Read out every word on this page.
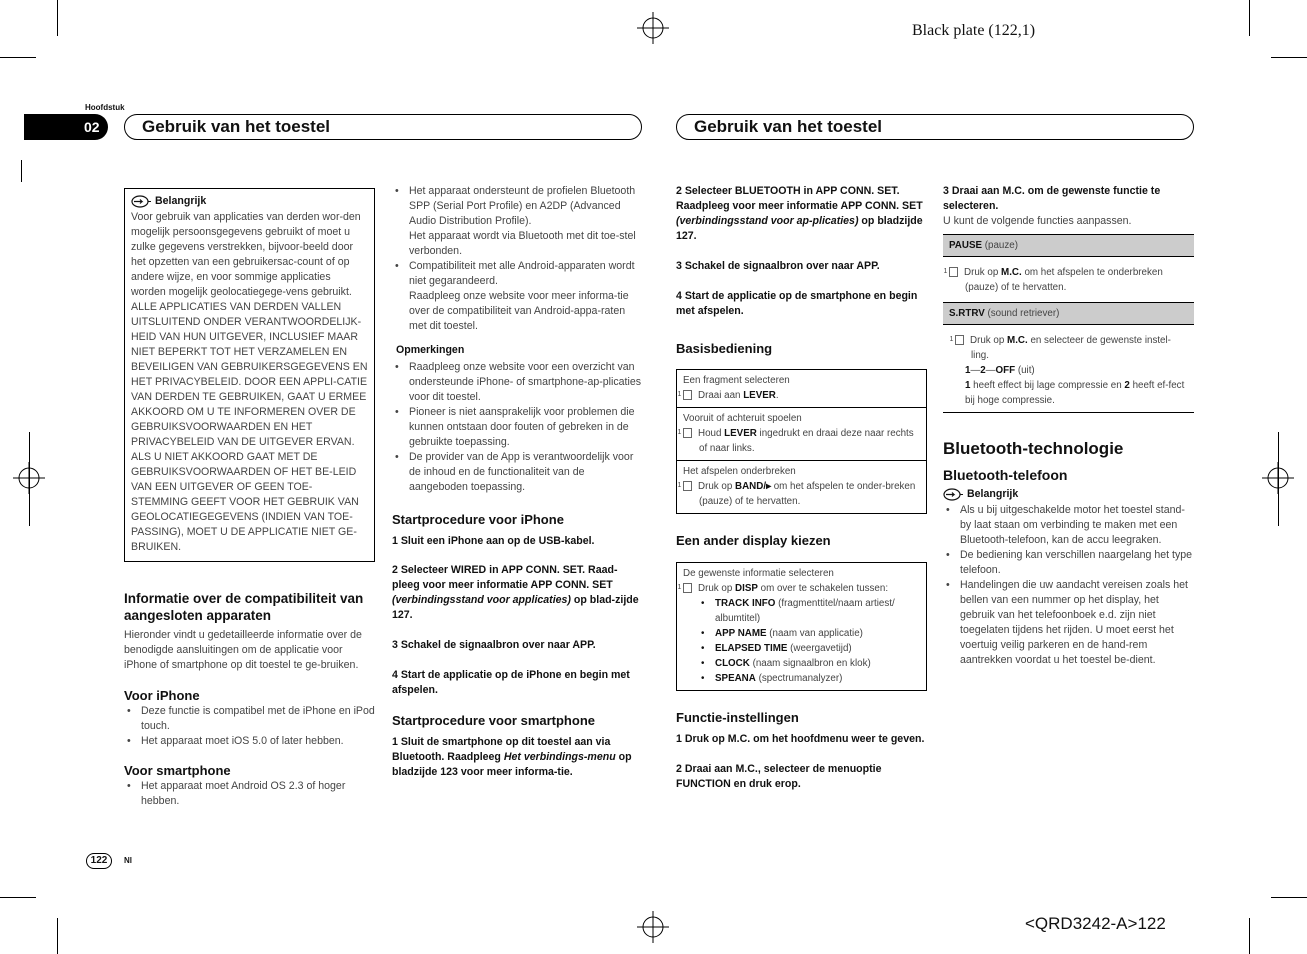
Black plate (122,1)
Hoofdstuk
02	Gebruik van het toestel	Gebruik van het toestel
Belangrijk

Voor gebruik van applicaties van derden wor-den mogelijk persoonsgegevens gebruikt of moet u zulke gegevens verstrekken, bijvoor-beeld door het opzetten van een gebruikersac-count of op andere wijze, en voor sommige applicaties worden mogelijk geolocatiegege-vens gebruikt.

ALLE APPLICATIES VAN DERDEN VALLEN UITSLUITEND ONDER VERANTWOORDELIJK-HEID VAN HUN UITGEVER, INCLUSIEF MAAR NIET BEPERKT TOT HET VERZAMELEN EN BEVEILIGEN VAN GEBRUIKERSGEGEVENS EN HET PRIVACYBELEID. DOOR EEN APPLI-CATIE VAN DERDEN TE GEBRUIKEN, GAAT U ERMEE AKKOORD OM U TE INFORMEREN OVER DE GEBRUIKSVOORWAARDEN EN HET PRIVACYBELEID VAN DE UITGEVER ERVAN. ALS U NIET AKKOORD GAAT MET DE GEBRUIKSVOORWAARDEN OF HET BE-LEID VAN EEN UITGEVER OF GEEN TOE-STEMMING GEEFT VOOR HET GEBRUIK VAN GEOLOCATIEGEGEVENS (INDIEN VAN TOE-PASSING), MOET U DE APPLICATIE NIET GE-BRUIKEN.

Informatie over de compatibiliteit van aangesloten apparaten

Hieronder vindt u gedetailleerde informatie over de benodigde aansluitingen om de applicatie voor iPhone of smartphone op dit toestel te ge-bruiken.

Voor iPhone
• Deze functie is compatibel met de iPhone en iPod touch.
• Het apparaat moet iOS 5.0 of later hebben.
Voor smartphone
• Het apparaat moet Android OS 2.3 of hoger hebben.
• Het apparaat ondersteunt de profielen Bluetooth SPP (Serial Port Profile) en A2DP (Advanced Audio Distribution Profile).
Het apparaat wordt via Bluetooth met dit toe-stel verbonden.
• Compatibiliteit met alle Android-apparaten wordt niet gegarandeerd.
Raadpleeg onze website voor meer informa-tie over de compatibiliteit van Android-appa-raten met dit toestel.
Opmerkingen
• Raadpleeg onze website voor een overzicht van ondersteunde iPhone- of smartphone-ap-plicaties voor dit toestel.
• Pioneer is niet aansprakelijk voor problemen die kunnen ontstaan door fouten of gebreken in de gebruikte toepassing.
• De provider van de App is verantwoordelijk voor de inhoud en de functionaliteit van de aangeboden toepassing.
Startprocedure voor iPhone

1 Sluit een iPhone aan op de USB-kabel.

2 Selecteer WIRED in APP CONN. SET. Raad-pleeg voor meer informatie APP CONN. SET (verbindingsstand voor applicaties) op blad-zijde 127.

3 Schakel de signaalbron over naar APP.

4 Start de applicatie op de iPhone en begin met afspelen.

Startprocedure voor smartphone

1 Sluit de smartphone op dit toestel aan via Bluetooth. Raadpleeg Het verbindings-menu op bladzijde 123 voor meer informa-tie.

2 Selecteer BLUETOOTH in APP CONN. SET. Raadpleeg voor meer informatie APP CONN. SET (verbindingsstand voor ap-plicaties) op bladzijde 127.

3 Schakel de signaalbron over naar APP.

4 Start de applicatie op de smartphone en begin met afspelen.

Basisbediening
Een fragment selecteren
1 Draai aan LEVER.
Vooruit of achteruit spoelen
1 Houd LEVER ingedrukt en draai deze naar rechts of naar links.
Het afspelen onderbreken
1 Druk op BAND/▸ om het afspelen te onder-breken (pauze) of te hervatten.
Een ander display kiezen
De gewenste informatie selecteren
1 Druk op DISP om over te schakelen tussen:
• TRACK INFO (fragmenttitel/naam artiest/ albumtitel)
• APP NAME (naam van applicatie)
• ELAPSED TIME (weergavetijd)
• CLOCK (naam signaalbron en klok)
• SPEANA (spectrumanalyzer)
Functie-instellingen

1 Druk op M.C. om het hoofdmenu weer te geven.

2 Draai aan M.C., selecteer de menuoptie FUNCTION en druk erop.

3 Draai aan M.C. om de gewenste functie te selecteren.

U kunt de volgende functies aanpassen.

PAUSE (pauze)
1 Druk op M.C. om het afspelen te onderbreken (pauze) of te hervatten.
S.RTRV (sound retriever)
1 Druk op M.C. en selecteer de gewenste instel-ling.
1—2—OFF (uit)
1 heeft effect bij lage compressie en 2 heeft ef-fect bij hoge compressie.
Bluetooth-technologie
Bluetooth-telefoon
Belangrijk
• Als u bij uitgeschakelde motor het toestel stand-by laat staan om verbinding te maken met een Bluetooth-telefoon, kan de accu leegraken.
• De bediening kan verschillen naargelang het type telefoon.
• Handelingen die uw aandacht vereisen zoals het bellen van een nummer op het display, het gebruik van het telefoonboek e.d. zijn niet toegelaten tijdens het rijden. U moet eerst het voertuig veilig parkeren en de hand-rem aantrekken voordat u het toestel be-dient.
122	Nl
<QRD3242-A>122
